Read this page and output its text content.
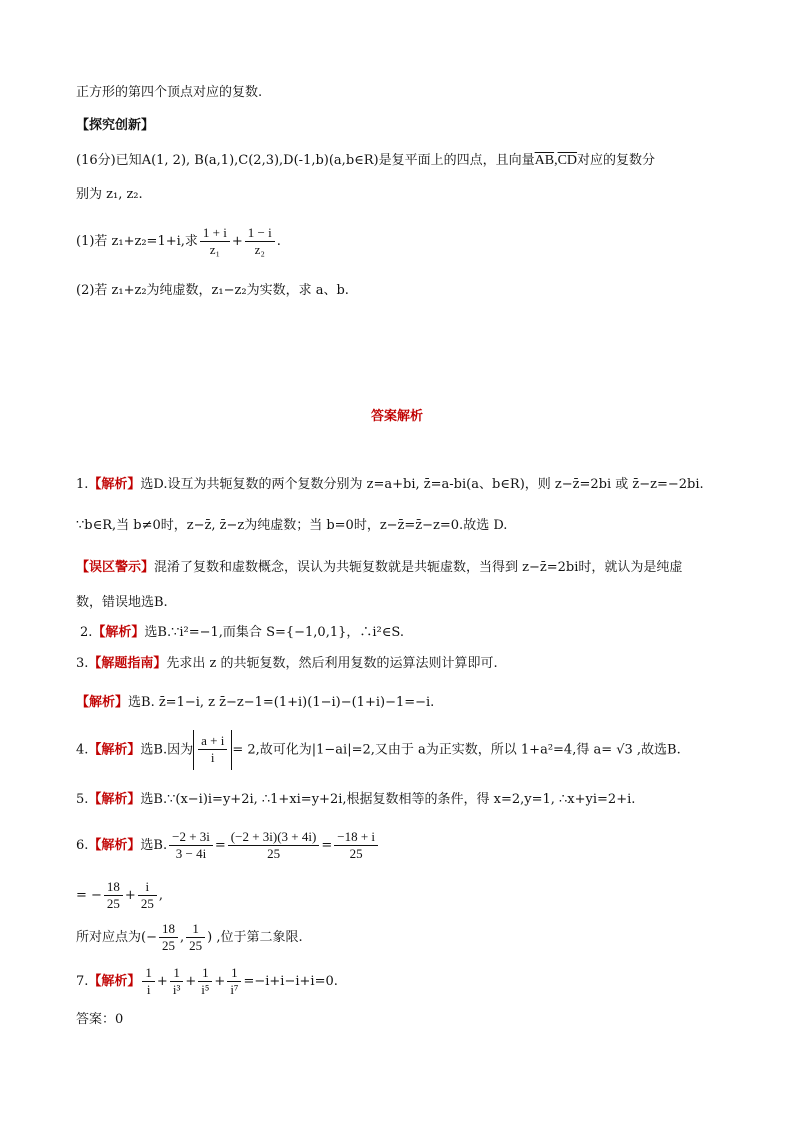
正方形的第四个顶点对应的复数.
【探究创新】
(16分)已知A(1, 2), B(a,1),C(2,3),D(-1,b)(a,b∈R)是复平面上的四点，且向量$\overline{AB},\overline{CD}$对应的复数分
别为 z₁, z₂.
(1)若 z₁+z₂=1+i,求 $\frac{1 + i}{\text{z₁}} + \frac{1 - i}{\text{z₂}}$ .
(2)若 z₁+z₂为纯虚数，z₁−z₂为实数，求 a、b.
答案解析
1.【解析】选D.设互为共轭复数的两个复数分别为 z=a+bi, z̄=a-bi(a、b∈R)，则 z−z̄=2bi 或 z̄−z=−2bi.
∵b∈R,当 b≠0时，z−z̄, z̄−z为纯虚数；当 b=0时，z−z̄=z̄−z=0.故选 D.
【误区警示】混淆了复数和虚数概念，误认为共轭复数就是共轭虚数，当得到 z−z̄=2bi时，就认为是纯虚
数，错误地选B.
2.【解析】选B.∵i²=−1,而集合 S={−1,0,1}，∴i²∈S.
3.【解题指南】先求出 z 的共轭复数，然后利用复数的运算法则计算即可.
【解析】选B. z̄=1−i, z z̄−z−1=(1+i)(1−i)−(1+i)−1=−i.
4.【解析】选B.因为 $\frac{a + i}{i} = 2$,故可化为|1−ai|=2,又由于 a为正实数，所以 1+a²=4,得 a= √3 ,故选B.
5.【解析】选B.∵(x−i)i=y+2i, ∴1+xi=y+2i,根据复数相等的条件，得 x=2,y=1, ∴x+yi=2+i.
6.【解析】选B. $\frac{-2 + 3i}{3 - 4i} = \frac{(-2 + 3i)(3 + 4i)}{25} = \frac{-18 + i}{25}$
= − $\frac{18}{25} + \frac{i}{25}$ ,
所对应点为(− $\frac{18}{25}$ , $\frac{1}{25}$ ) ,位于第二象限.
7.【解析】 $\frac{1}{i} + \frac{1}{\text{i³}} + \frac{1}{\text{i⁵}} + \frac{1}{\text{i⁷}} =-i+i-i+i=0$.
答案：0
